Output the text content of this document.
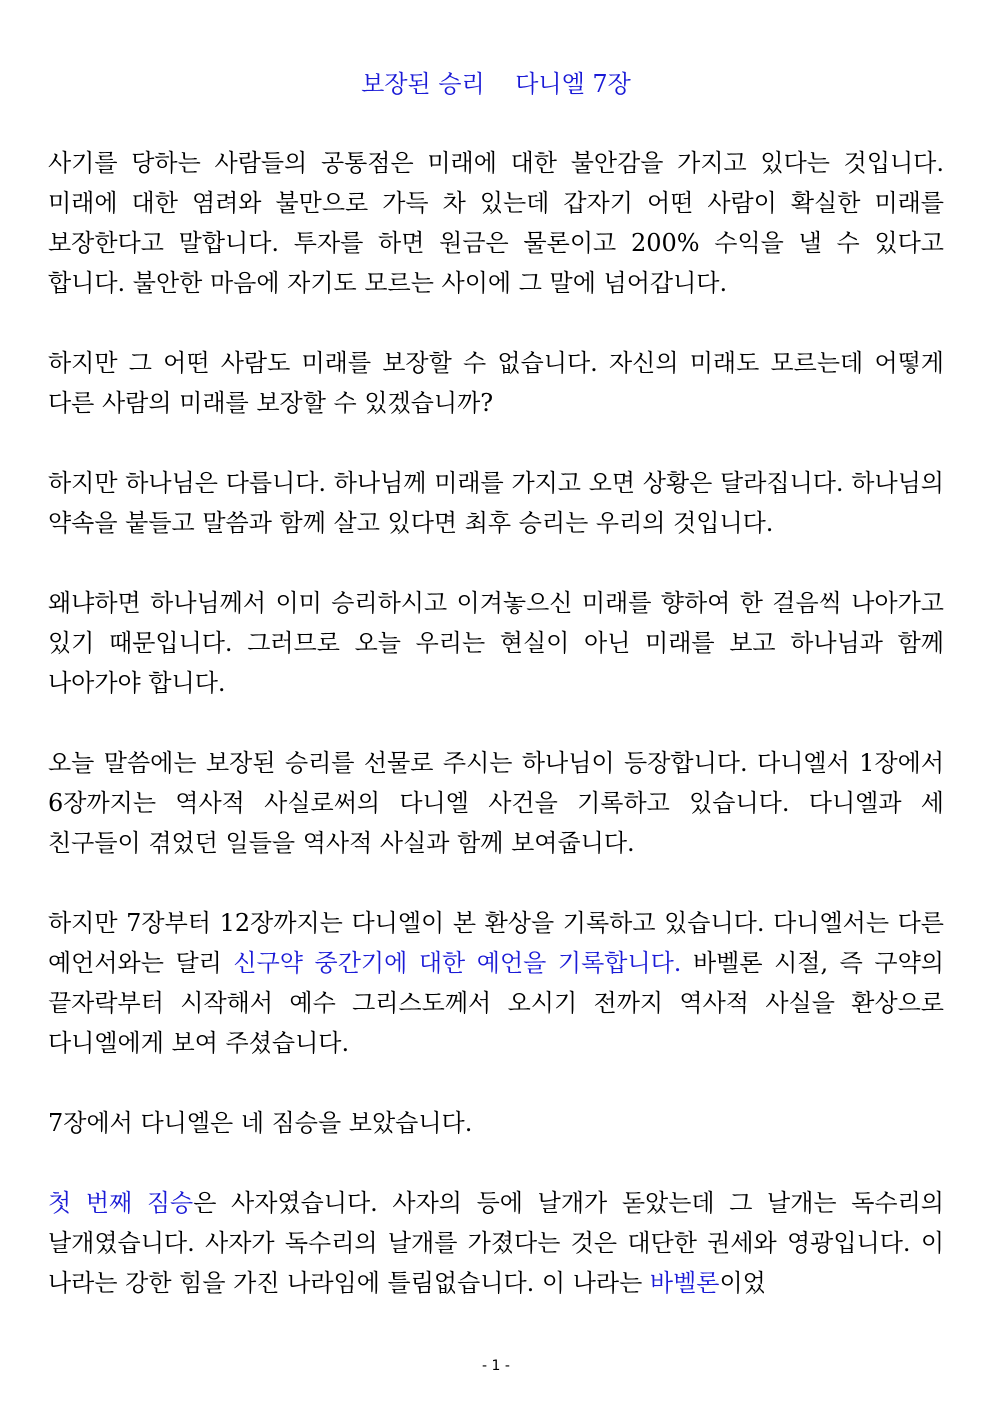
보장된 승리    다니엘 7장

사기를 당하는 사람들의 공통점은 미래에 대한 불안감을 가지고 있다는 것입니다. 미래에 대한 염려와 불만으로 가득 차 있는데 갑자기 어떤 사람이 확실한 미래를 보장한다고 말합니다. 투자를 하면 원금은 물론이고 200% 수익을 낼 수 있다고 합니다. 불안한 마음에 자기도 모르는 사이에 그 말에 넘어갑니다.

하지만 그 어떤 사람도 미래를 보장할 수 없습니다. 자신의 미래도 모르는데 어떻게 다른 사람의 미래를 보장할 수 있겠습니까?

하지만 하나님은 다릅니다. 하나님께 미래를 가지고 오면 상황은 달라집니다. 하나님의 약속을 붙들고 말씀과 함께 살고 있다면 최후 승리는 우리의 것입니다.

왜냐하면 하나님께서 이미 승리하시고 이겨놓으신 미래를 향하여 한 걸음씩 나아가고 있기 때문입니다. 그러므로 오늘 우리는 현실이 아닌 미래를 보고 하나님과 함께 나아가야 합니다.

오늘 말씀에는 보장된 승리를 선물로 주시는 하나님이 등장합니다. 다니엘서 1장에서 6장까지는 역사적 사실로써의 다니엘 사건을 기록하고 있습니다. 다니엘과 세 친구들이 겪었던 일들을 역사적 사실과 함께 보여줍니다.

하지만 7장부터 12장까지는 다니엘이 본 환상을 기록하고 있습니다. 다니엘서는 다른 예언서와는 달리 신구약 중간기에 대한 예언을 기록합니다. 바벨론 시절, 즉 구약의 끝자락부터 시작해서 예수 그리스도께서 오시기 전까지 역사적 사실을 환상으로 다니엘에게 보여 주셨습니다.

7장에서 다니엘은 네 짐승을 보았습니다.

첫 번째 짐승은 사자였습니다. 사자의 등에 날개가 돋았는데 그 날개는 독수리의 날개였습니다. 사자가 독수리의 날개를 가졌다는 것은 대단한 권세와 영광입니다. 이 나라는 강한 힘을 가진 나라임에 틀림없습니다. 이 나라는 바벨론이었

- 1 -
